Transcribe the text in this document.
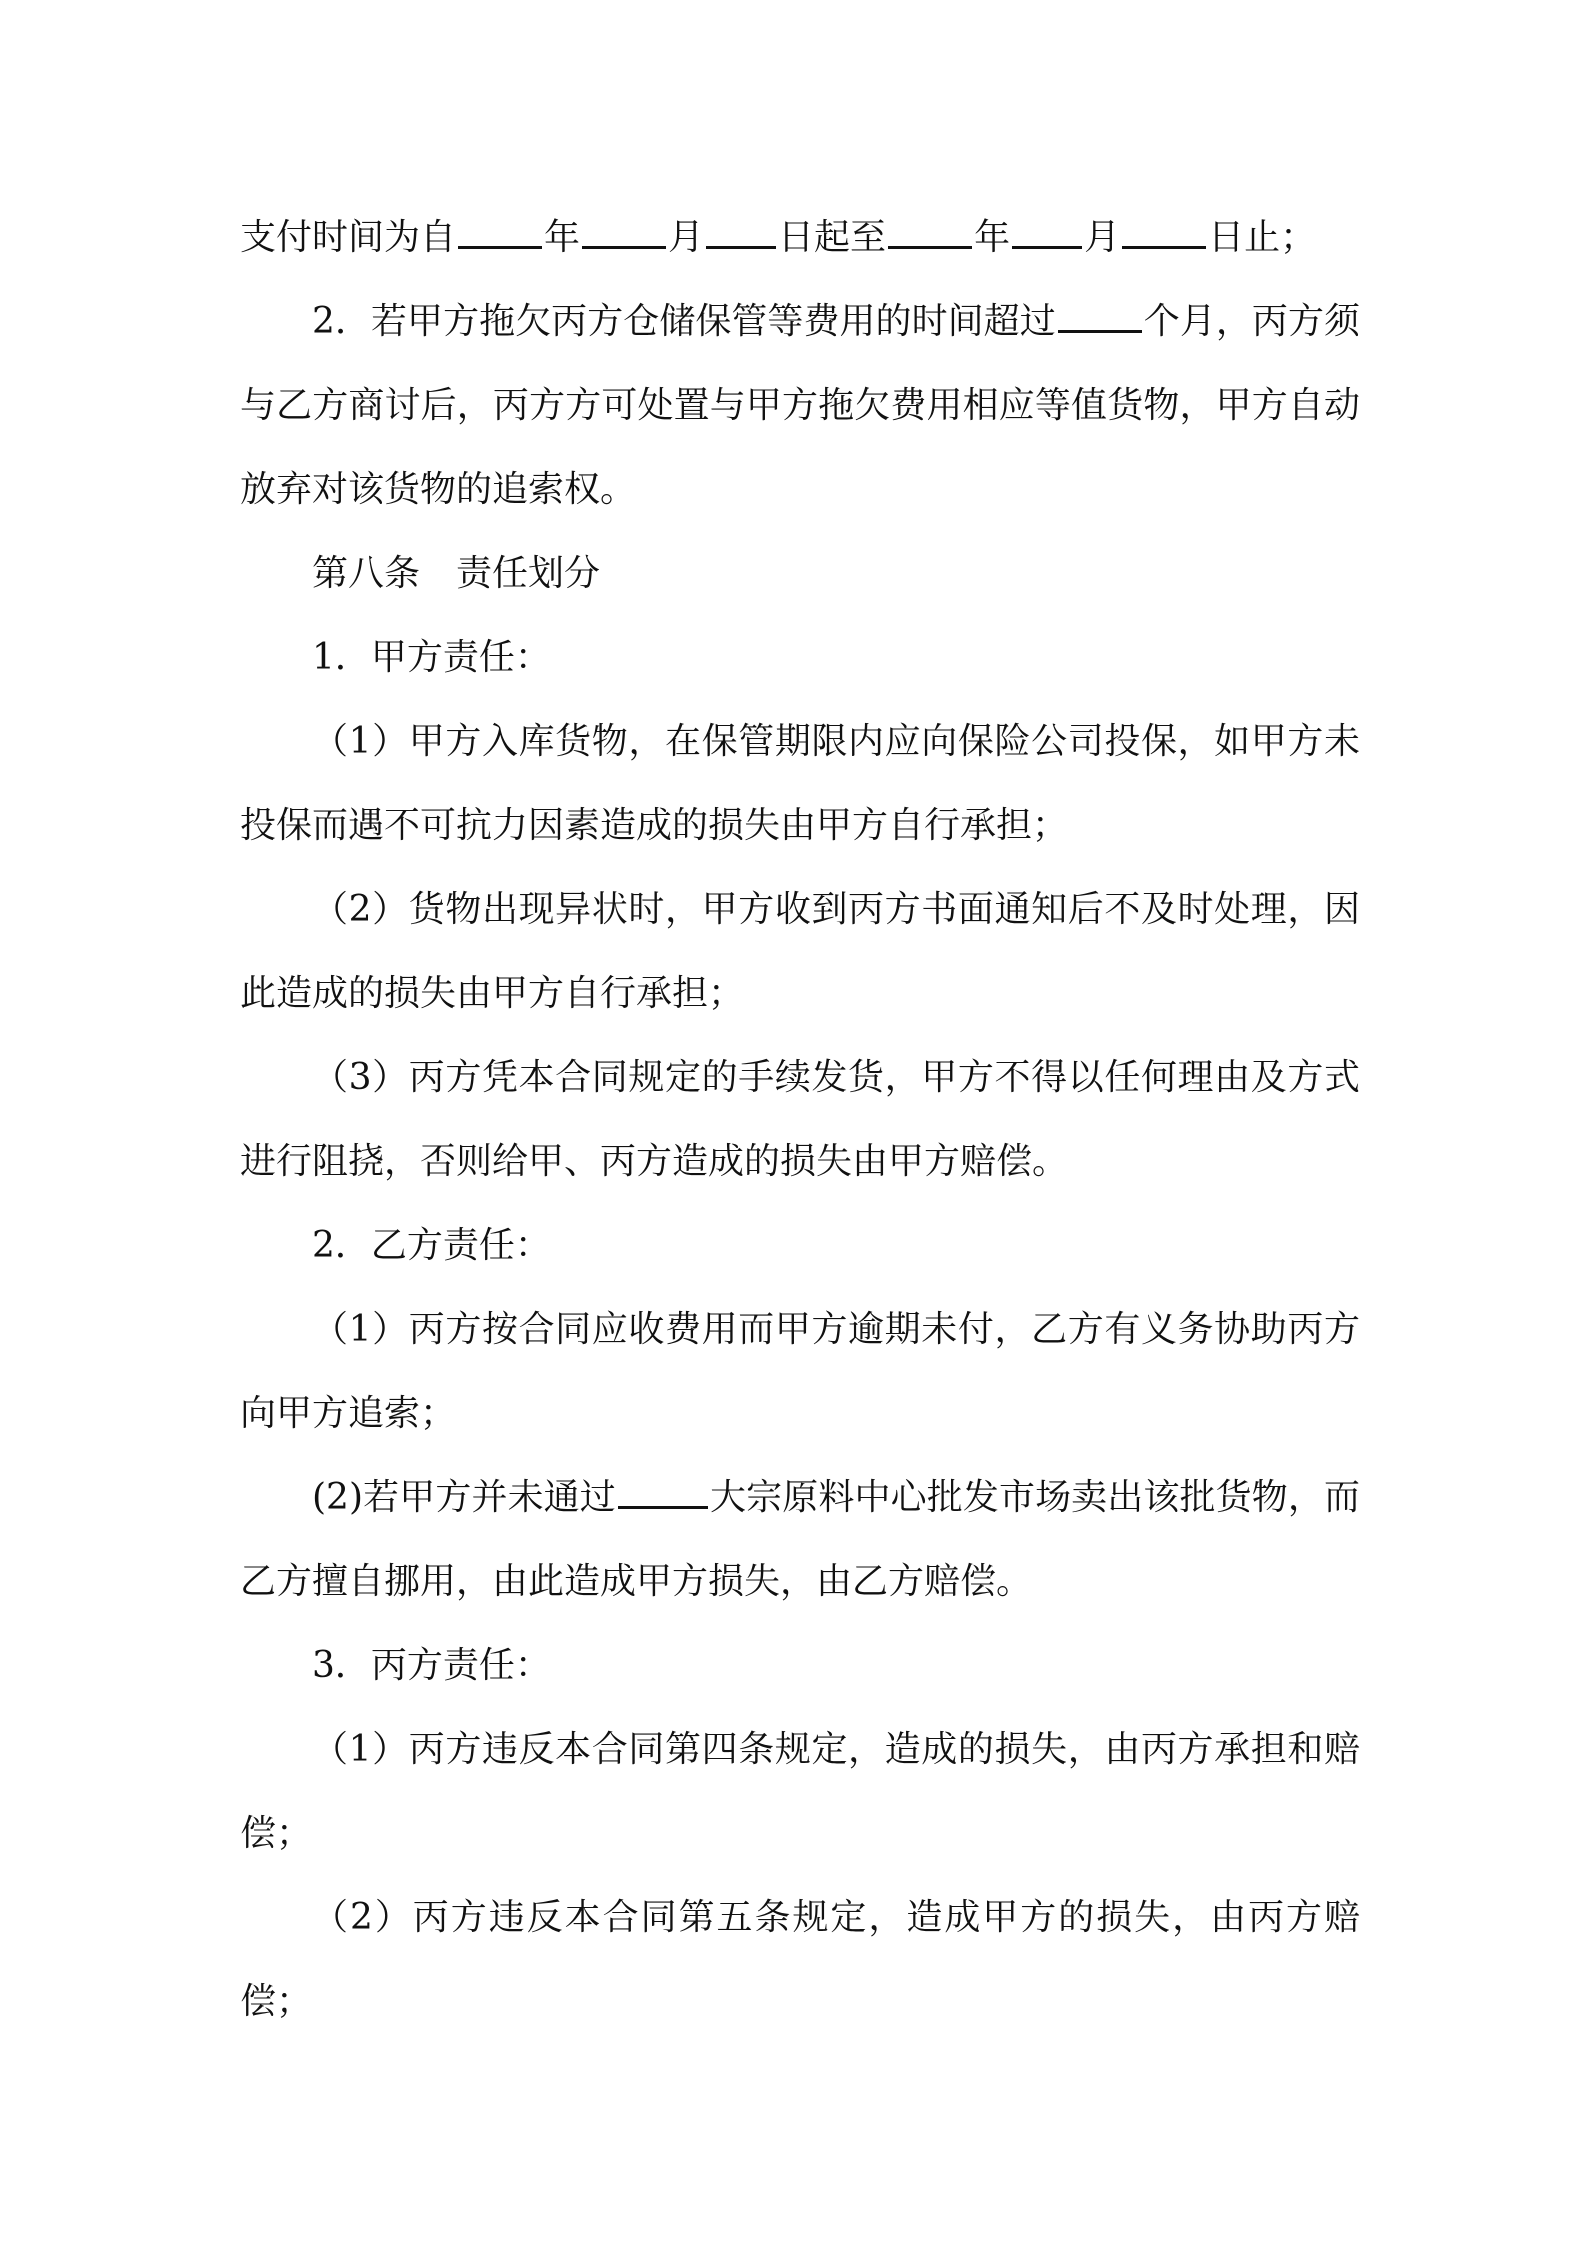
支付时间为自 年 月 日起至 年 月 日止；

2．若甲方拖欠丙方仓储保管等费用的时间超过 个月，丙方须与乙方商讨后，丙方方可处置与甲方拖欠费用相应等值货物，甲方自动放弃对该货物的追索权。

第八条 责任划分

1．甲方责任：

（1）甲方入库货物，在保管期限内应向保险公司投保，如甲方未投保而遇不可抗力因素造成的损失由甲方自行承担；

（2）货物出现异状时，甲方收到丙方书面通知后不及时处理，因此造成的损失由甲方自行承担；

（3）丙方凭本合同规定的手续发货，甲方不得以任何理由及方式进行阻挠，否则给甲、丙方造成的损失由甲方赔偿。

2．乙方责任：

（1）丙方按合同应收费用而甲方逾期未付，乙方有义务协助丙方向甲方追索；

(2)若甲方并未通过	大宗原料中心批发市场卖出该批货物，而乙方擅自挪用，由此造成甲方损失，由乙方赔偿。

3．丙方责任：

（1）丙方违反本合同第四条规定，造成的损失，由丙方承担和赔偿；

（2）丙方违反本合同第五条规定，造成甲方的损失，由丙方赔偿；
